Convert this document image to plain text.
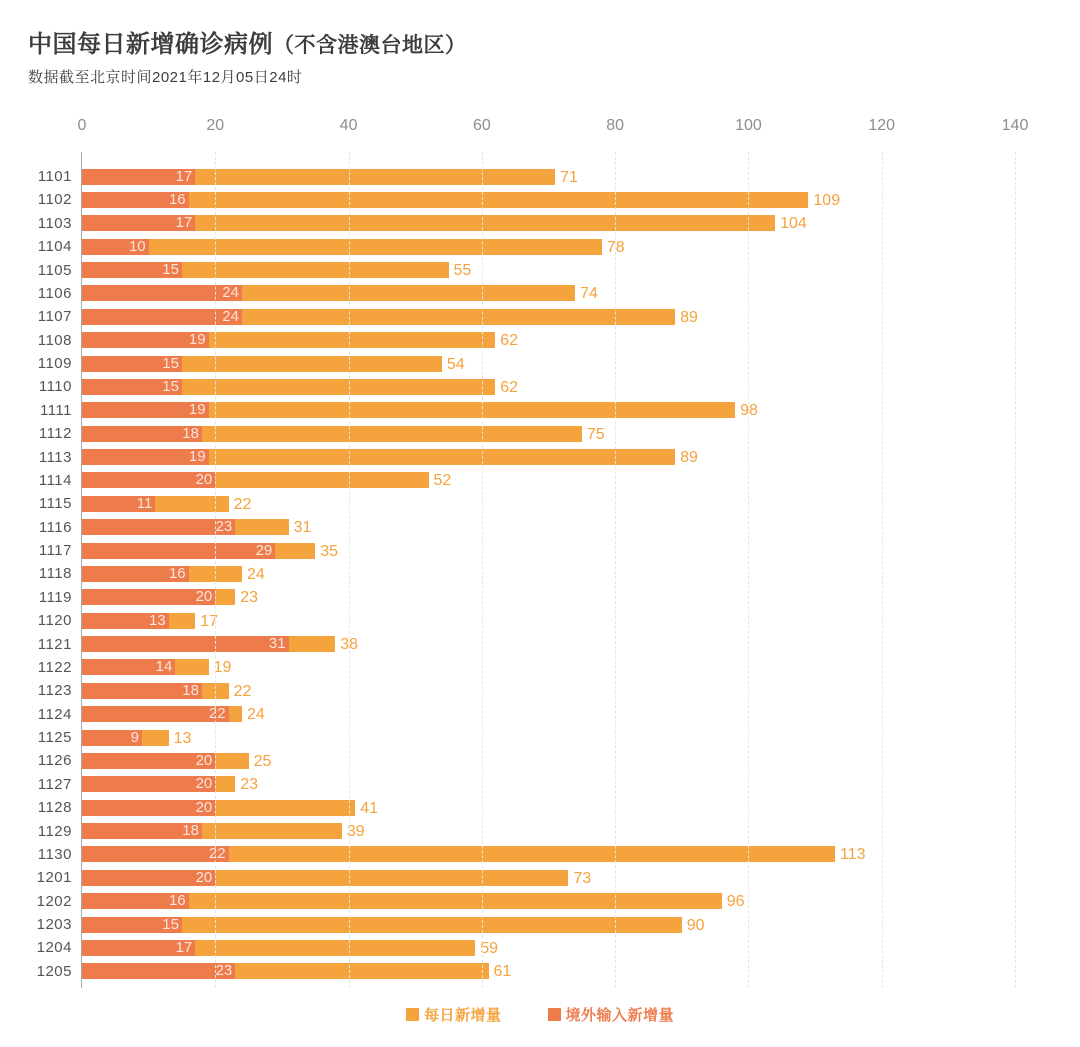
中国每日新增确诊病例（不含港澳台地区）
数据截至北京时间2021年12月05日24时
0	20	40	60	80	100	120	140
1101	17	71
1102	16	109
1103	17	104
1104	10	78
1105	15	55
1106	24	74
1107	24	89
1108	19	62
1109	15	54
1110	15	62
1111	19	98
1112	18	75
1113	19	89
1114	20	52
1115	11	22
1116	23	31
1117	29	35
1118	16	24
1119	20 23
1120	13 17
1121	31	38
1122	14	19
1123	18 22
1124	22 24
1125	9 13
1126	20	25
1127	20 23
1128	20	41
1129	18	39
1130	22	113
1201	20	73
1202	16	96
1203	15	90
1204	17	59
1205	23	61
每日新增量	境外输入新增量
